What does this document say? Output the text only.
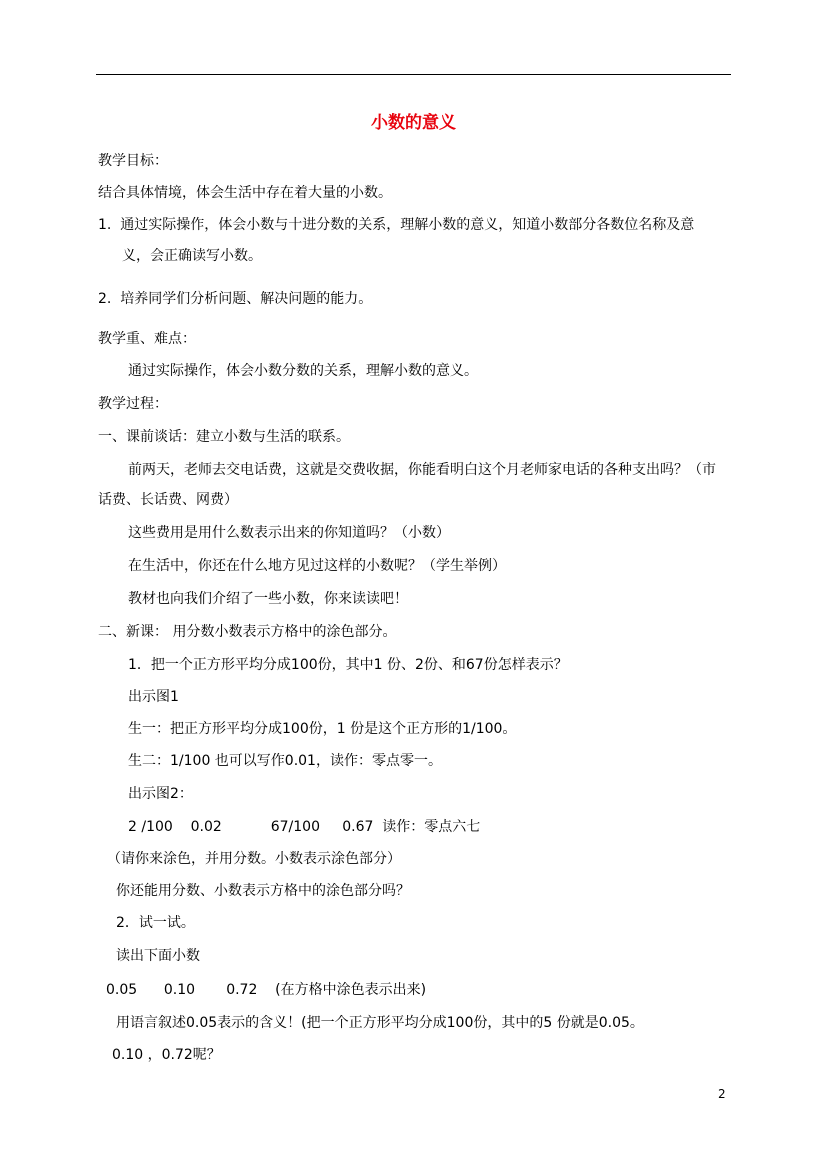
小数的意义
教学目标：
结合具体情境，体会生活中存在着大量的小数。
1.  通过实际操作，体会小数与十进分数的关系，理解小数的意义，知道小数部分各数位名称及意
义，会正确读写小数。
2.  培养同学们分析问题、解决问题的能力。
教学重、难点：
通过实际操作，体会小数分数的关系，理解小数的意义。
教学过程：
一、课前谈话：建立小数与生活的联系。
前两天，老师去交电话费，这就是交费收据，你能看明白这个月老师家电话的各种支出吗？（市
话费、长话费、网费）
这些费用是用什么数表示出来的你知道吗？（小数）
在生活中，你还在什么地方见过这样的小数呢？（学生举例）
教材也向我们介绍了一些小数，你来读读吧！
二、新课： 用分数小数表示方格中的涂色部分。
1．把一个正方形平均分成100份，其中1 份、2份、和67份怎样表示？
出示图1
生一：把正方形平均分成100份，1 份是这个正方形的1/100。
生二：1/100 也可以写作0.01，读作：零点零一。
出示图2：
2 /100    0.02           67/100     0.67  读作：零点六七
（请你来涂色，并用分数。小数表示涂色部分）
你还能用分数、小数表示方格中的涂色部分吗？
2．试一试。
读出下面小数
0.05      0.10       0.72    (在方格中涂色表示出来)
用语言叙述0.05表示的含义！(把一个正方形平均分成100份，其中的5 份就是0.05。
0.10 ，0.72呢？
2
